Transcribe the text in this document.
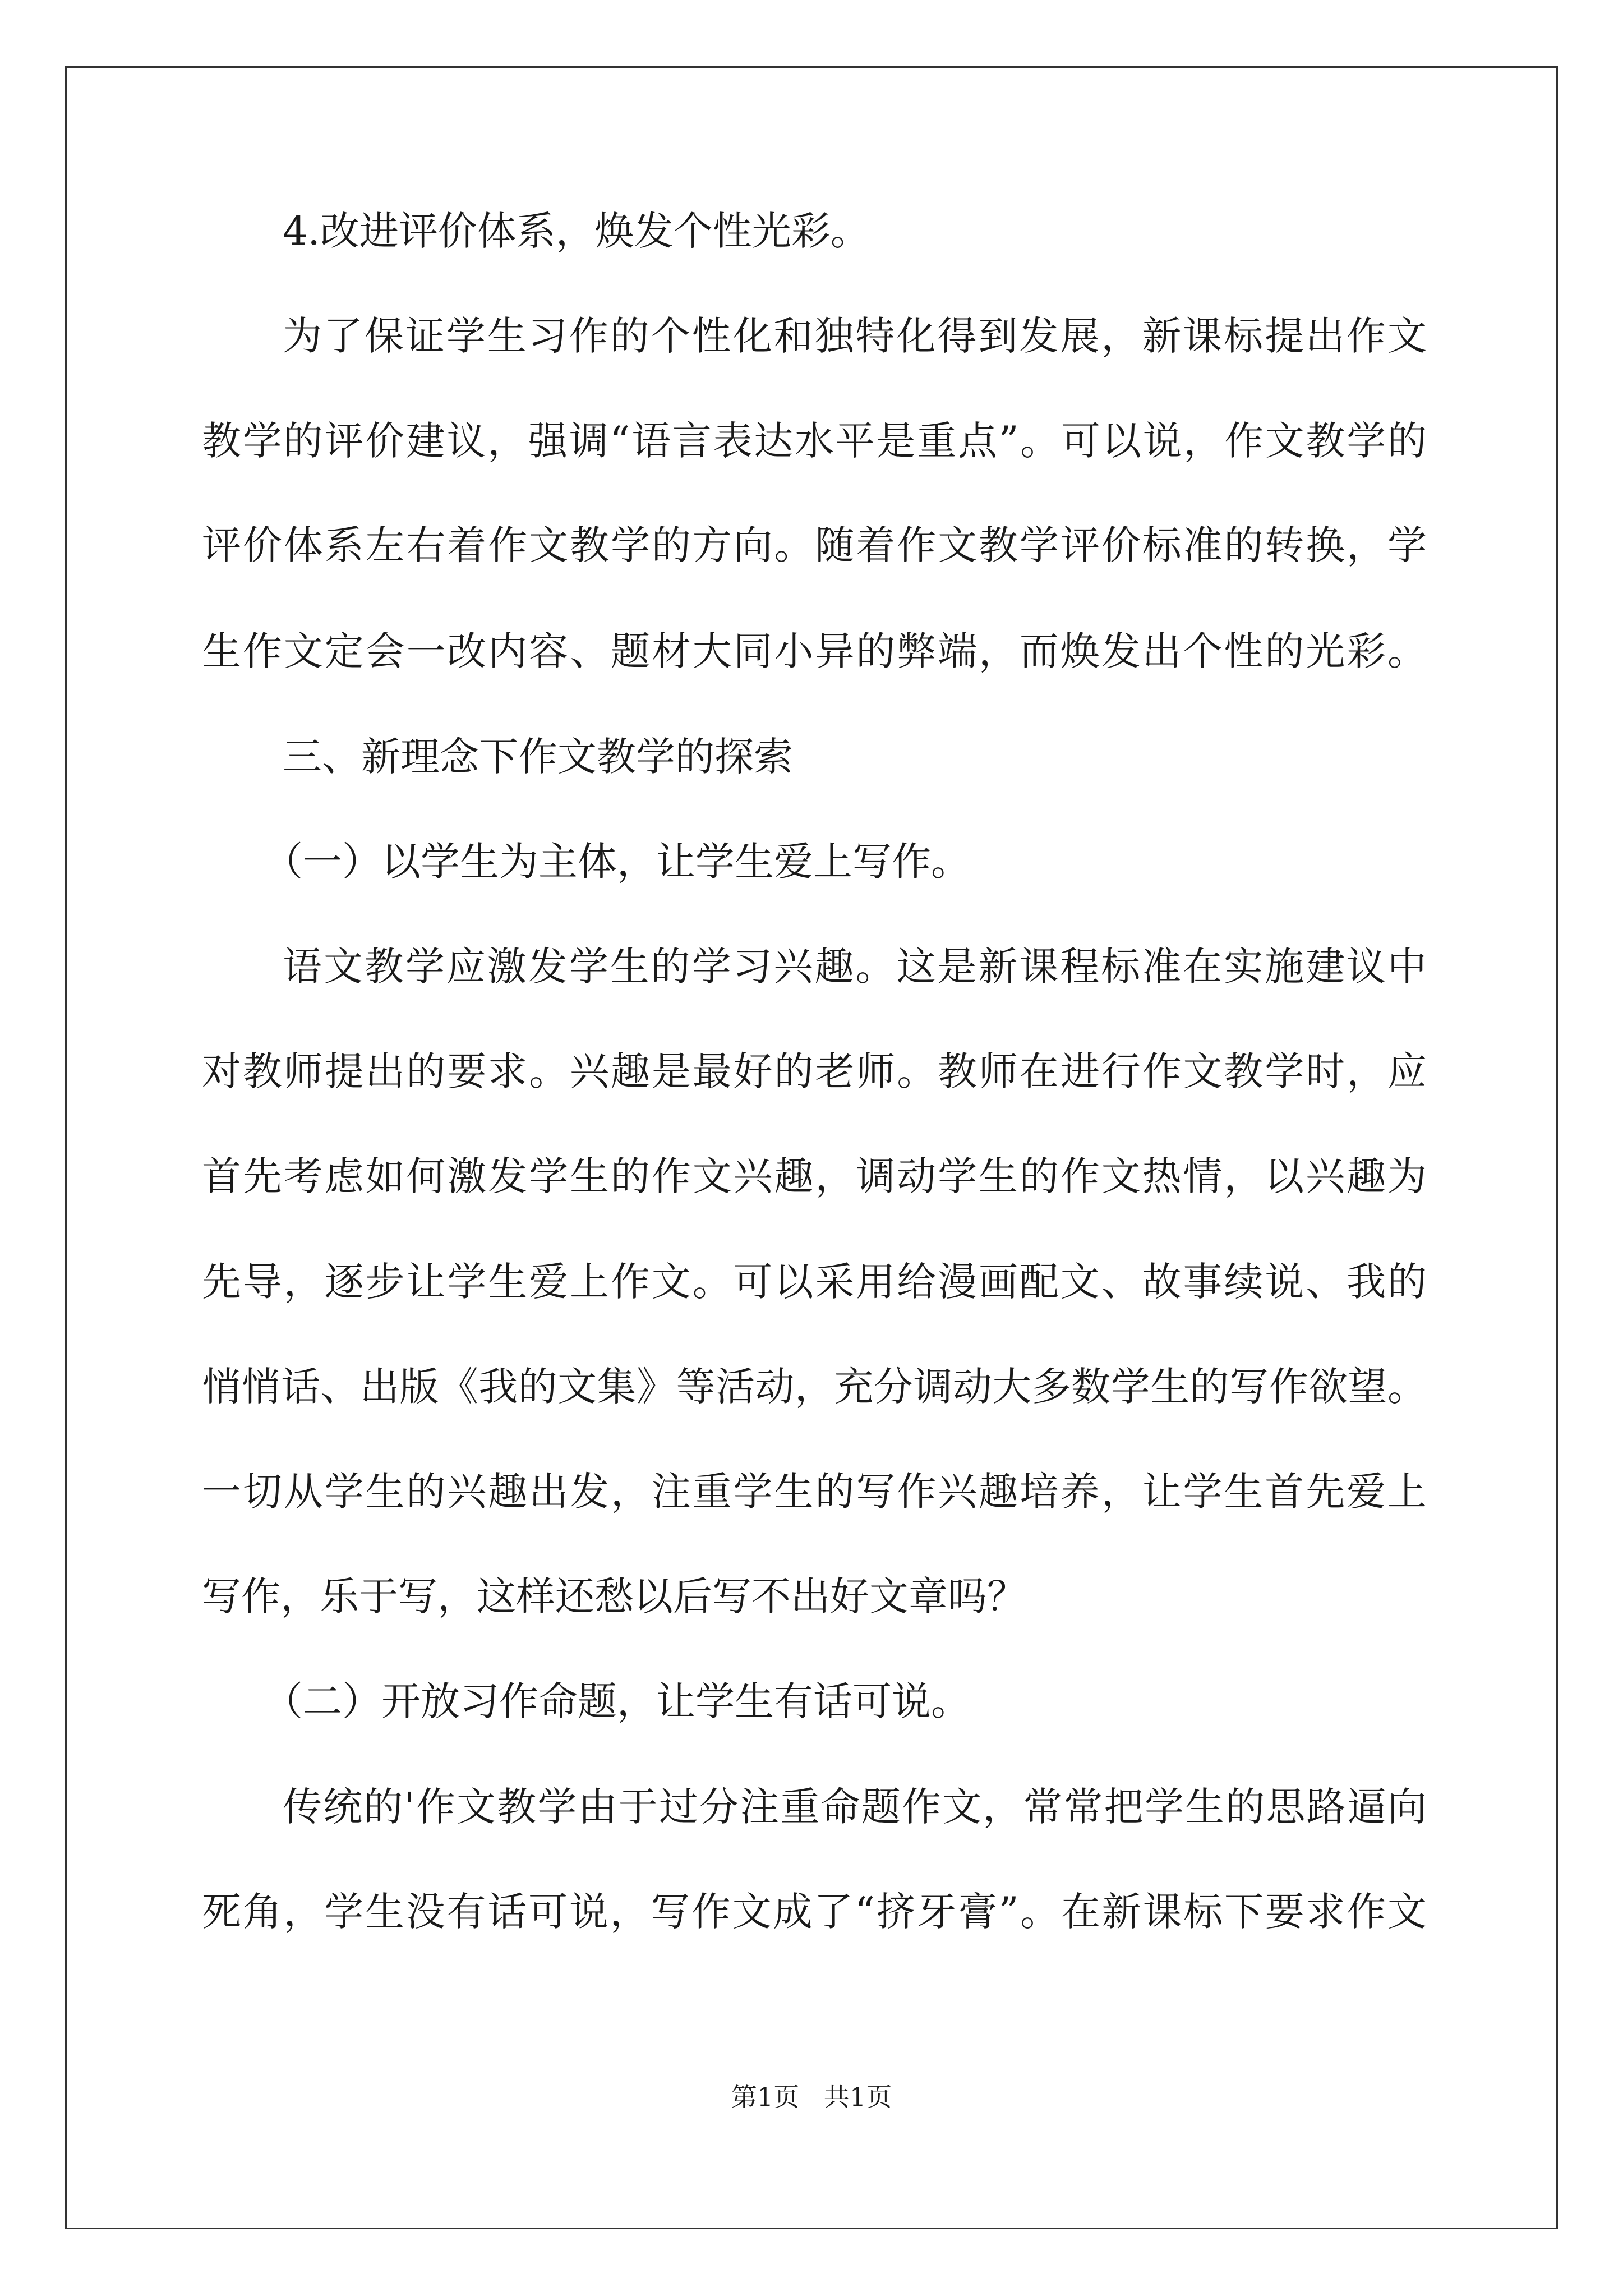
4.改进评价体系，焕发个性光彩。
为了保证学生习作的个性化和独特化得到发展，新课标提出作文
教学的评价建议，强调“语言表达水平是重点”。可以说，作文教学的
评价体系左右着作文教学的方向。随着作文教学评价标准的转换，学
生作文定会一改内容、题材大同小异的弊端，而焕发出个性的光彩。
三、新理念下作文教学的探索
（一）以学生为主体，让学生爱上写作。
语文教学应激发学生的学习兴趣。这是新课程标准在实施建议中
对教师提出的要求。兴趣是最好的老师。教师在进行作文教学时，应
首先考虑如何激发学生的作文兴趣，调动学生的作文热情，以兴趣为
先导，逐步让学生爱上作文。可以采用给漫画配文、故事续说、我的
悄悄话、出版《我的文集》等活动，充分调动大多数学生的写作欲望。
一切从学生的兴趣出发，注重学生的写作兴趣培养，让学生首先爱上
写作，乐于写，这样还愁以后写不出好文章吗？
（二）开放习作命题，让学生有话可说。
传统的'作文教学由于过分注重命题作文，常常把学生的思路逼向
死角，学生没有话可说，写作文成了“挤牙膏”。在新课标下要求作文
第1页   共1页
